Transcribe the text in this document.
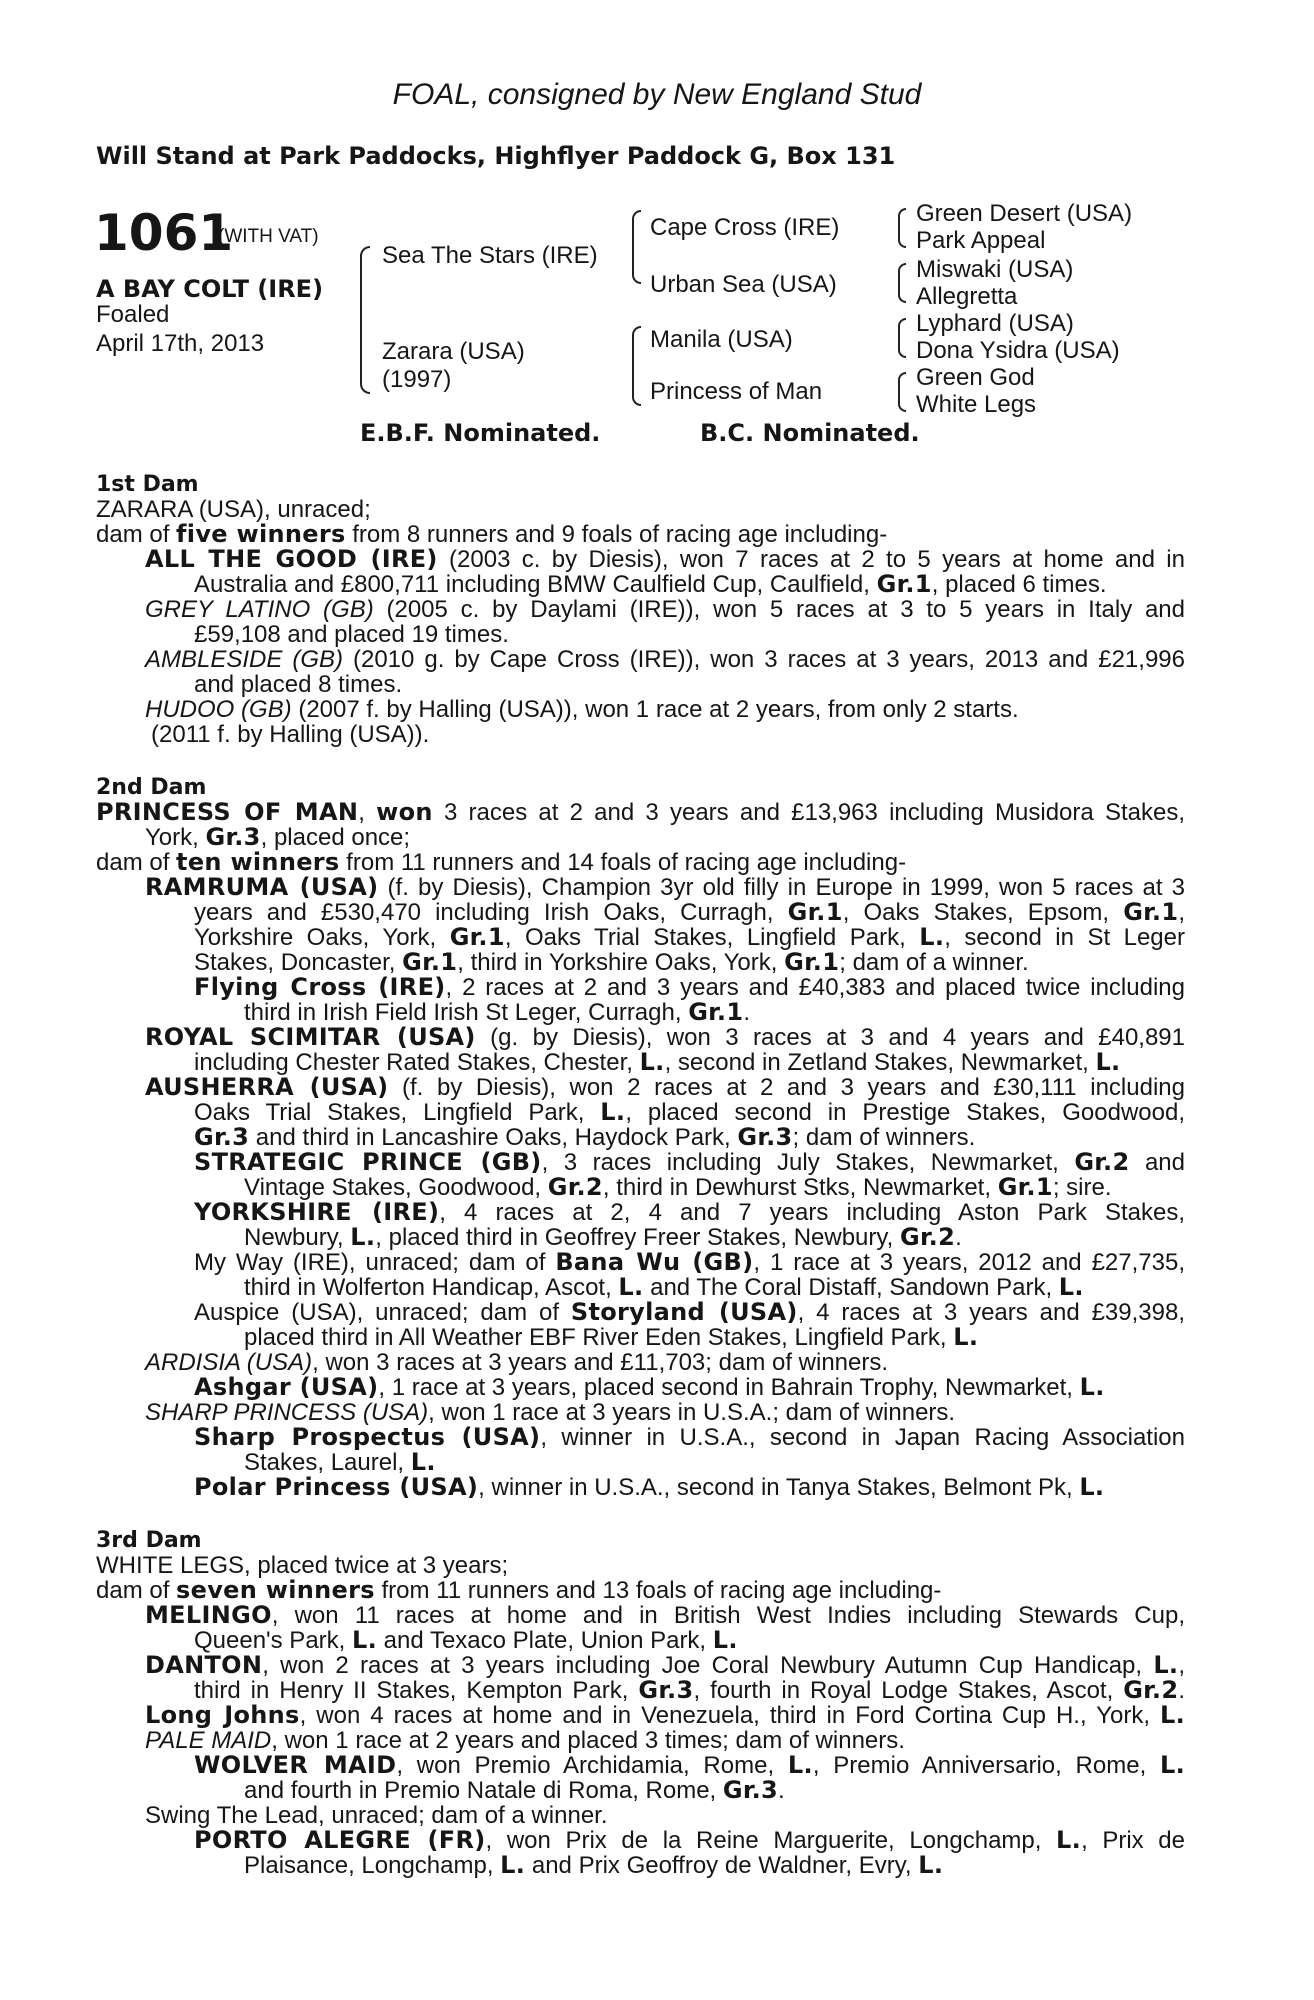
FOAL, consigned by New England Stud
Will Stand at Park Paddocks, Highflyer Paddock G, Box 131
1061
(WITH VAT)
A BAY COLT (IRE)
Foaled
April 17th, 2013
Sea The Stars (IRE)
Zarara (USA)
(1997)
Cape Cross (IRE)
Urban Sea (USA)
Manila (USA)
Princess of Man
Green Desert (USA)
Park Appeal
Miswaki (USA)
Allegretta
Lyphard (USA)
Dona Ysidra (USA)
Green God
White Legs
E.B.F. Nominated.	B.C. Nominated.
1st Dam
ZARARA (USA), unraced;
dam of five winners from 8 runners and 9 foals of racing age including-
ALL THE GOOD (IRE) (2003 c. by Diesis), won 7 races at 2 to 5 years at home and in
Australia and £800,711 including BMW Caulfield Cup, Caulfield, Gr.1, placed 6 times.
GREY LATINO (GB) (2005 c. by Daylami (IRE)), won 5 races at 3 to 5 years in Italy and
£59,108 and placed 19 times.
AMBLESIDE (GB) (2010 g. by Cape Cross (IRE)), won 3 races at 3 years, 2013 and £21,996
and placed 8 times.
HUDOO (GB) (2007 f. by Halling (USA)), won 1 race at 2 years, from only 2 starts.
(2011 f. by Halling (USA)).
2nd Dam
PRINCESS OF MAN, won 3 races at 2 and 3 years and £13,963 including Musidora Stakes,
York, Gr.3, placed once;
dam of ten winners from 11 runners and 14 foals of racing age including-
RAMRUMA (USA) (f. by Diesis), Champion 3yr old filly in Europe in 1999, won 5 races at 3
years and £530,470 including Irish Oaks, Curragh, Gr.1, Oaks Stakes, Epsom, Gr.1,
Yorkshire Oaks, York, Gr.1, Oaks Trial Stakes, Lingfield Park, L., second in St Leger
Stakes, Doncaster, Gr.1, third in Yorkshire Oaks, York, Gr.1; dam of a winner.
Flying Cross (IRE), 2 races at 2 and 3 years and £40,383 and placed twice including
third in Irish Field Irish St Leger, Curragh, Gr.1.
ROYAL SCIMITAR (USA) (g. by Diesis), won 3 races at 3 and 4 years and £40,891
including Chester Rated Stakes, Chester, L., second in Zetland Stakes, Newmarket, L.
AUSHERRA (USA) (f. by Diesis), won 2 races at 2 and 3 years and £30,111 including
Oaks Trial Stakes, Lingfield Park, L., placed second in Prestige Stakes, Goodwood,
Gr.3 and third in Lancashire Oaks, Haydock Park, Gr.3; dam of winners.
STRATEGIC PRINCE (GB), 3 races including July Stakes, Newmarket, Gr.2 and
Vintage Stakes, Goodwood, Gr.2, third in Dewhurst Stks, Newmarket, Gr.1; sire.
YORKSHIRE (IRE), 4 races at 2, 4 and 7 years including Aston Park Stakes,
Newbury, L., placed third in Geoffrey Freer Stakes, Newbury, Gr.2.
My Way (IRE), unraced; dam of Bana Wu (GB), 1 race at 3 years, 2012 and £27,735,
third in Wolferton Handicap, Ascot, L. and The Coral Distaff, Sandown Park, L.
Auspice (USA), unraced; dam of Storyland (USA), 4 races at 3 years and £39,398,
placed third in All Weather EBF River Eden Stakes, Lingfield Park, L.
ARDISIA (USA), won 3 races at 3 years and £11,703; dam of winners.
Ashgar (USA), 1 race at 3 years, placed second in Bahrain Trophy, Newmarket, L.
SHARP PRINCESS (USA), won 1 race at 3 years in U.S.A.; dam of winners.
Sharp Prospectus (USA), winner in U.S.A., second in Japan Racing Association
Stakes, Laurel, L.
Polar Princess (USA), winner in U.S.A., second in Tanya Stakes, Belmont Pk, L.
3rd Dam
WHITE LEGS, placed twice at 3 years;
dam of seven winners from 11 runners and 13 foals of racing age including-
MELINGO, won 11 races at home and in British West Indies including Stewards Cup,
Queen's Park, L. and Texaco Plate, Union Park, L.
DANTON, won 2 races at 3 years including Joe Coral Newbury Autumn Cup Handicap, L.,
third in Henry II Stakes, Kempton Park, Gr.3, fourth in Royal Lodge Stakes, Ascot, Gr.2.
Long Johns, won 4 races at home and in Venezuela, third in Ford Cortina Cup H., York, L.
PALE MAID, won 1 race at 2 years and placed 3 times; dam of winners.
WOLVER MAID, won Premio Archidamia, Rome, L., Premio Anniversario, Rome, L.
and fourth in Premio Natale di Roma, Rome, Gr.3.
Swing The Lead, unraced; dam of a winner.
PORTO ALEGRE (FR), won Prix de la Reine Marguerite, Longchamp, L., Prix de
Plaisance, Longchamp, L. and Prix Geoffroy de Waldner, Evry, L.
